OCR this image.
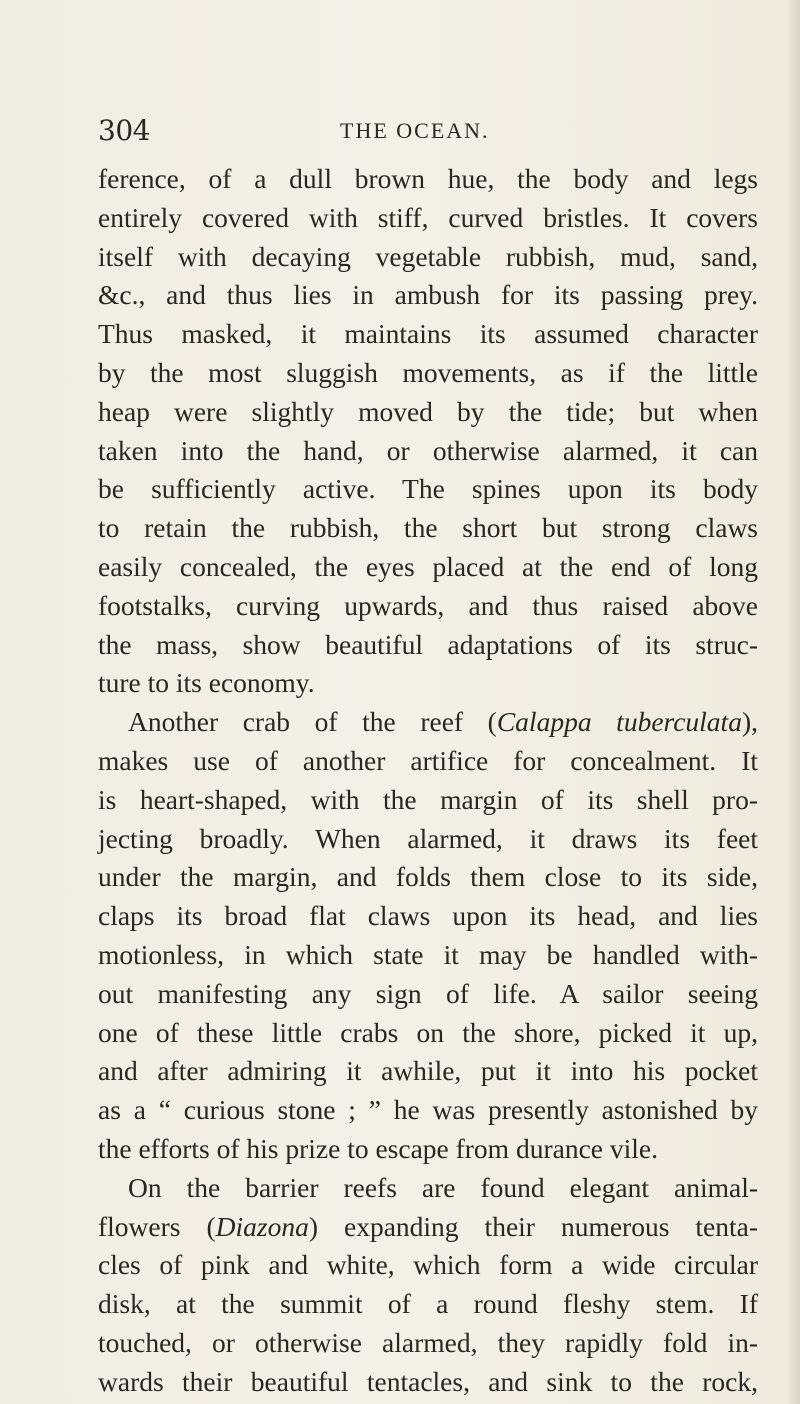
304	THE OCEAN.
ference, of a dull brown hue, the body and legs
entirely covered with stiff, curved bristles. It covers
itself with decaying vegetable rubbish, mud, sand,
&c., and thus lies in ambush for its passing prey.
Thus masked, it maintains its assumed character
by the most sluggish movements, as if the little
heap were slightly moved by the tide; but when
taken into the hand, or otherwise alarmed, it can
be sufficiently active. The spines upon its body
to retain the rubbish, the short but strong claws
easily concealed, the eyes placed at the end of long
footstalks, curving upwards, and thus raised above
the mass, show beautiful adaptations of its struc-
ture to its economy.
Another crab of the reef (Calappa tuberculata),
makes use of another artifice for concealment. It
is heart-shaped, with the margin of its shell pro-
jecting broadly. When alarmed, it draws its feet
under the margin, and folds them close to its side,
claps its broad flat claws upon its head, and lies
motionless, in which state it may be handled with-
out manifesting any sign of life. A sailor seeing
one of these little crabs on the shore, picked it up,
and after admiring it awhile, put it into his pocket
as a “ curious stone ; ” he was presently astonished by
the efforts of his prize to escape from durance vile.
On the barrier reefs are found elegant animal-
flowers (Diazona) expanding their numerous tenta-
cles of pink and white, which form a wide circular
disk, at the summit of a round fleshy stem. If
touched, or otherwise alarmed, they rapidly fold in-
wards their beautiful tentacles, and sink to the rock,
